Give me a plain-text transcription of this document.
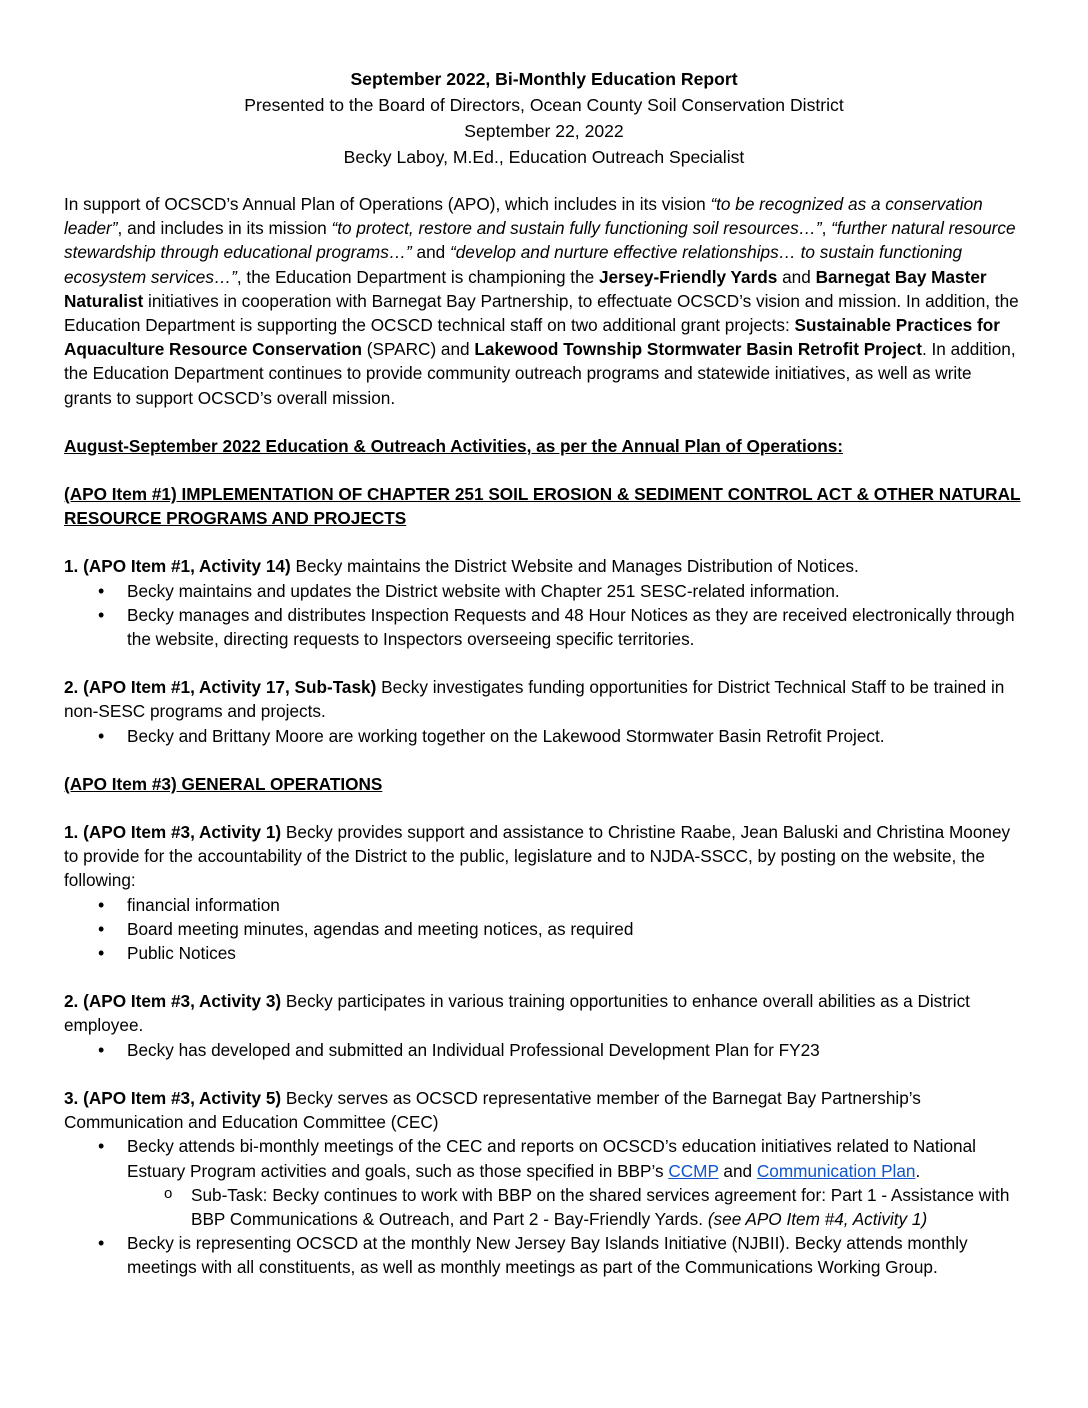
September 2022, Bi-Monthly Education Report
Presented to the Board of Directors, Ocean County Soil Conservation District
September 22, 2022
Becky Laboy, M.Ed., Education Outreach Specialist

In support of OCSCD’s Annual Plan of Operations (APO), which includes in its vision “to be recognized as a conservation leader”, and includes in its mission “to protect, restore and sustain fully functioning soil resources…”, “further natural resource stewardship through educational programs…” and “develop and nurture effective relationships… to sustain functioning ecosystem services…”, the Education Department is championing the Jersey-Friendly Yards and Barnegat Bay Master Naturalist initiatives in cooperation with Barnegat Bay Partnership, to effectuate OCSCD’s vision and mission. In addition, the Education Department is supporting the OCSCD technical staff on two additional grant projects: Sustainable Practices for Aquaculture Resource Conservation (SPARC) and Lakewood Township Stormwater Basin Retrofit Project. In addition, the Education Department continues to provide community outreach programs and statewide initiatives, as well as write grants to support OCSCD’s overall mission.

August-September 2022 Education & Outreach Activities, as per the Annual Plan of Operations:

(APO Item #1) IMPLEMENTATION OF CHAPTER 251 SOIL EROSION & SEDIMENT CONTROL ACT & OTHER NATURAL RESOURCE PROGRAMS AND PROJECTS

1. (APO Item #1, Activity 14) Becky maintains the District Website and Manages Distribution of Notices.

• Becky maintains and updates the District website with Chapter 251 SESC-related information.
• Becky manages and distributes Inspection Requests and 48 Hour Notices as they are received electronically through the website, directing requests to Inspectors overseeing specific territories.

2. (APO Item #1, Activity 17, Sub-Task) Becky investigates funding opportunities for District Technical Staff to be trained in non-SESC programs and projects.

• Becky and Brittany Moore are working together on the Lakewood Stormwater Basin Retrofit Project.

(APO Item #3) GENERAL OPERATIONS

1. (APO Item #3, Activity 1) Becky provides support and assistance to Christine Raabe, Jean Baluski and Christina Mooney to provide for the accountability of the District to the public, legislature and to NJDA-SSCC, by posting on the website, the following:

• financial information
• Board meeting minutes, agendas and meeting notices, as required
• Public Notices

2. (APO Item #3, Activity 3) Becky participates in various training opportunities to enhance overall abilities as a District employee.

• Becky has developed and submitted an Individual Professional Development Plan for FY23

3. (APO Item #3, Activity 5) Becky serves as OCSCD representative member of the Barnegat Bay Partnership’s Communication and Education Committee (CEC)

• Becky attends bi-monthly meetings of the CEC and reports on OCSCD’s education initiatives related to National Estuary Program activities and goals, such as those specified in BBP’s CCMP and Communication Plan.
o Sub-Task: Becky continues to work with BBP on the shared services agreement for: Part 1 - Assistance with BBP Communications & Outreach, and Part 2 - Bay-Friendly Yards. (see APO Item #4, Activity 1)
• Becky is representing OCSCD at the monthly New Jersey Bay Islands Initiative (NJBII). Becky attends monthly meetings with all constituents, as well as monthly meetings as part of the Communications Working Group.
